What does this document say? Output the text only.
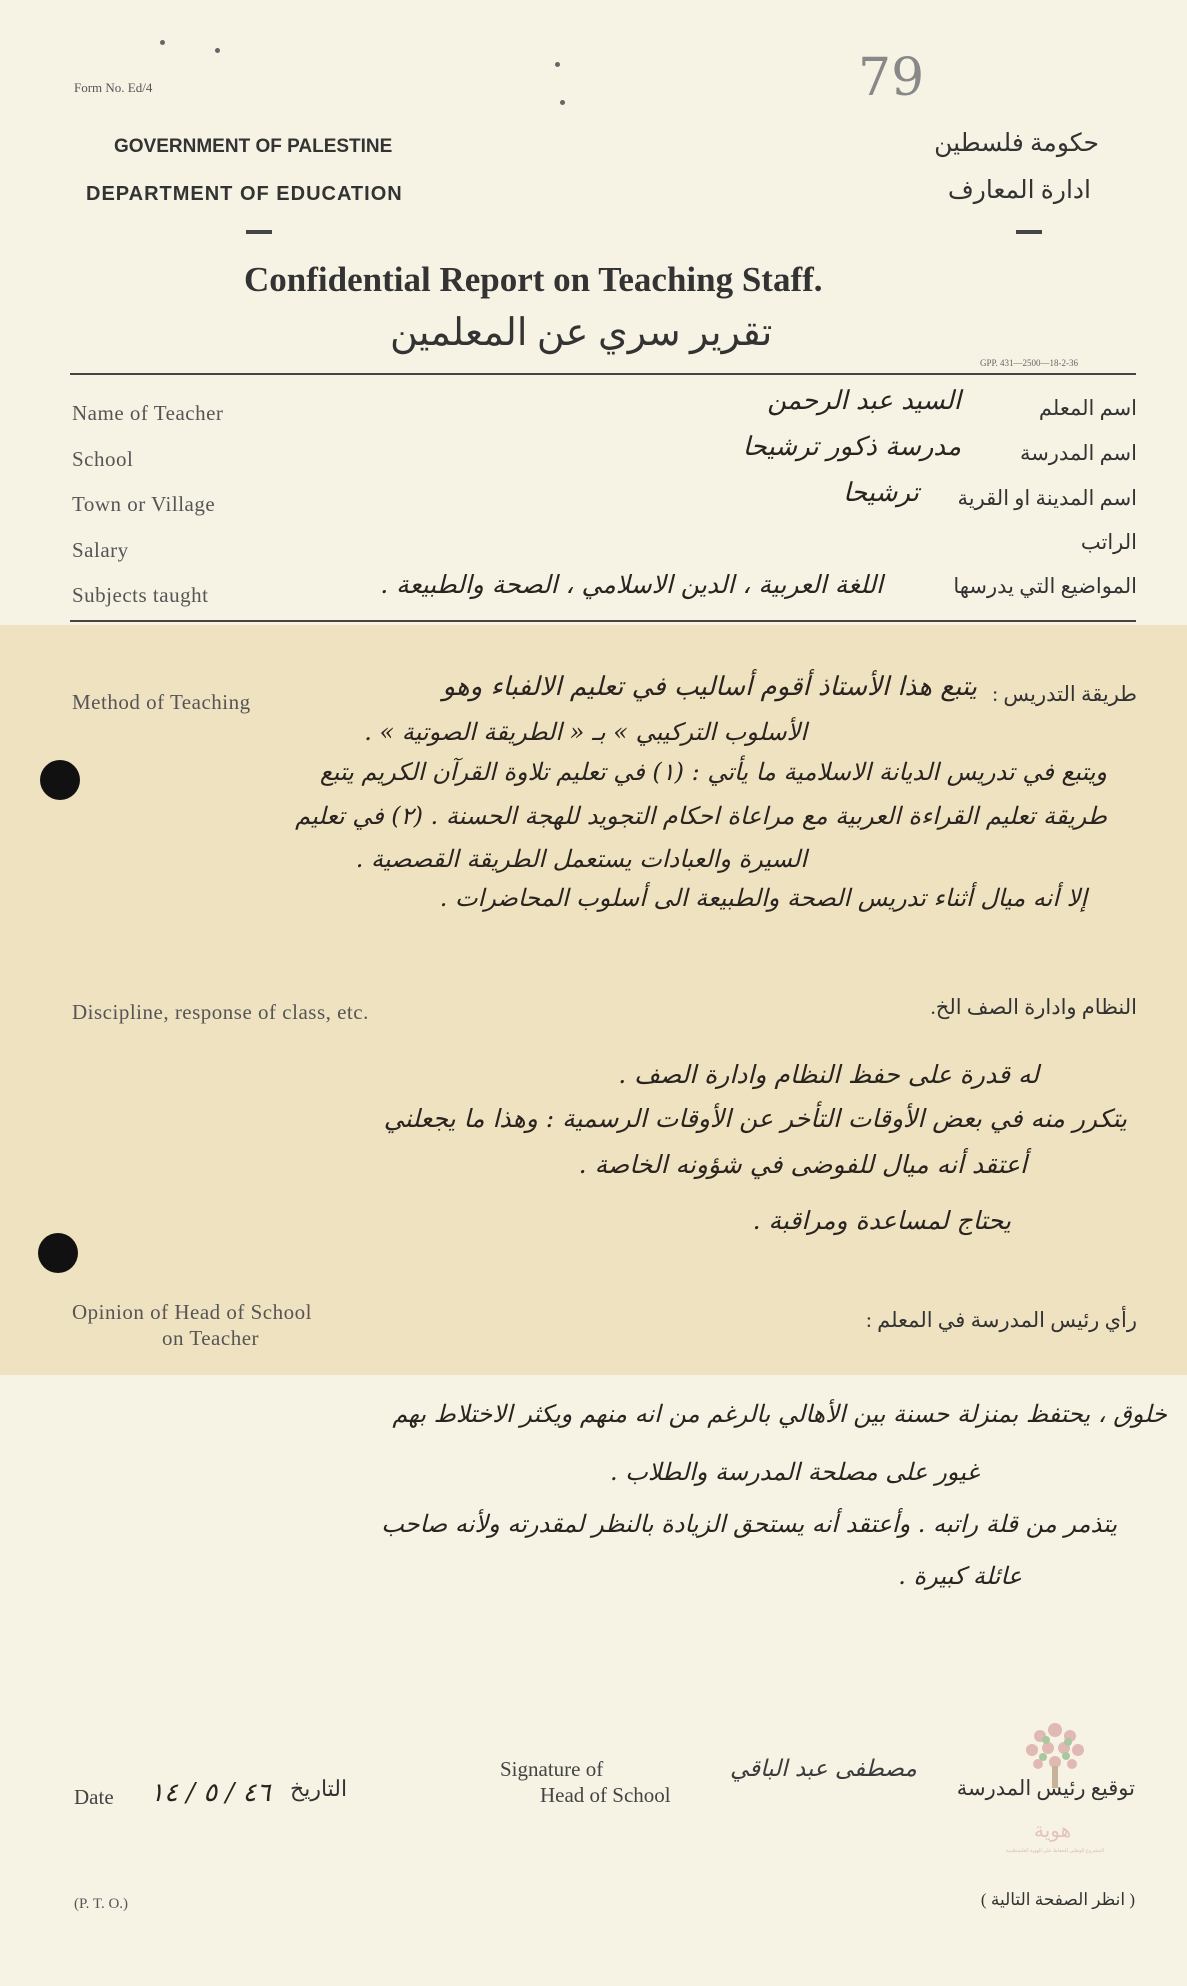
Form No. Ed/4	79
GOVERNMENT OF PALESTINE
DEPARTMENT OF EDUCATION
حكومة فلسطين
ادارة المعارف
Confidential Report on Teaching Staff.
تقرير سري عن المعلمين
GPP. 431—2500—18-2-36
Name of Teacher	اسم المعلم
السيد عبد الرحمن
School	اسم المدرسة
مدرسة ذكور ترشيحا
Town or Village	اسم المدينة او القرية
ترشيحا
Salary	الراتب
Subjects taught	المواضيع التي يدرسها
اللغة العربية ، الدين الاسلامي ، الصحة والطبيعة .
Method of Teaching	طريقة التدريس :
يتبع هذا الأستاذ أقوم أساليب في تعليم الالفباء وهو
الأسلوب التركيبي » بـ « الطريقة الصوتية » .
ويتبع في تدريس الديانة الاسلامية ما يأتي : (١) في تعليم تلاوة القرآن الكريم يتبع
طريقة تعليم القراءة العربية مع مراعاة احكام التجويد للهجة الحسنة . (٢) في تعليم
السيرة والعبادات يستعمل الطريقة القصصية .
إلا أنه ميال أثناء تدريس الصحة والطبيعة الى أسلوب المحاضرات .
Discipline, response of class, etc.	النظام وادارة الصف الخ.
له قدرة على حفظ النظام وادارة الصف .
يتكرر منه في بعض الأوقات التأخر عن الأوقات الرسمية : وهذا ما يجعلني
أعتقد أنه ميال للفوضى في شؤونه الخاصة .
يحتاج لمساعدة ومراقبة .
Opinion of Head of School
on Teacher
رأي رئيس المدرسة في المعلم :
خلوق ، يحتفظ بمنزلة حسنة بين الأهالي بالرغم من انه منهم ويكثر الاختلاط بهم
غيور على مصلحة المدرسة والطلاب .
يتذمر من قلة راتبه . وأعتقد أنه يستحق الزيادة بالنظر لمقدرته ولأنه صاحب
عائلة كبيرة .
هوية
المشروع الوطني للحفاظ على الهوية الفلسطينية
Date ٤٦ / ٥ / ١٤ التاريخ
Signature of
Head of School
مصطفى عبد الباقي
توقيع رئيس المدرسة
(P. T. O.)	( انظر الصفحة التالية )
